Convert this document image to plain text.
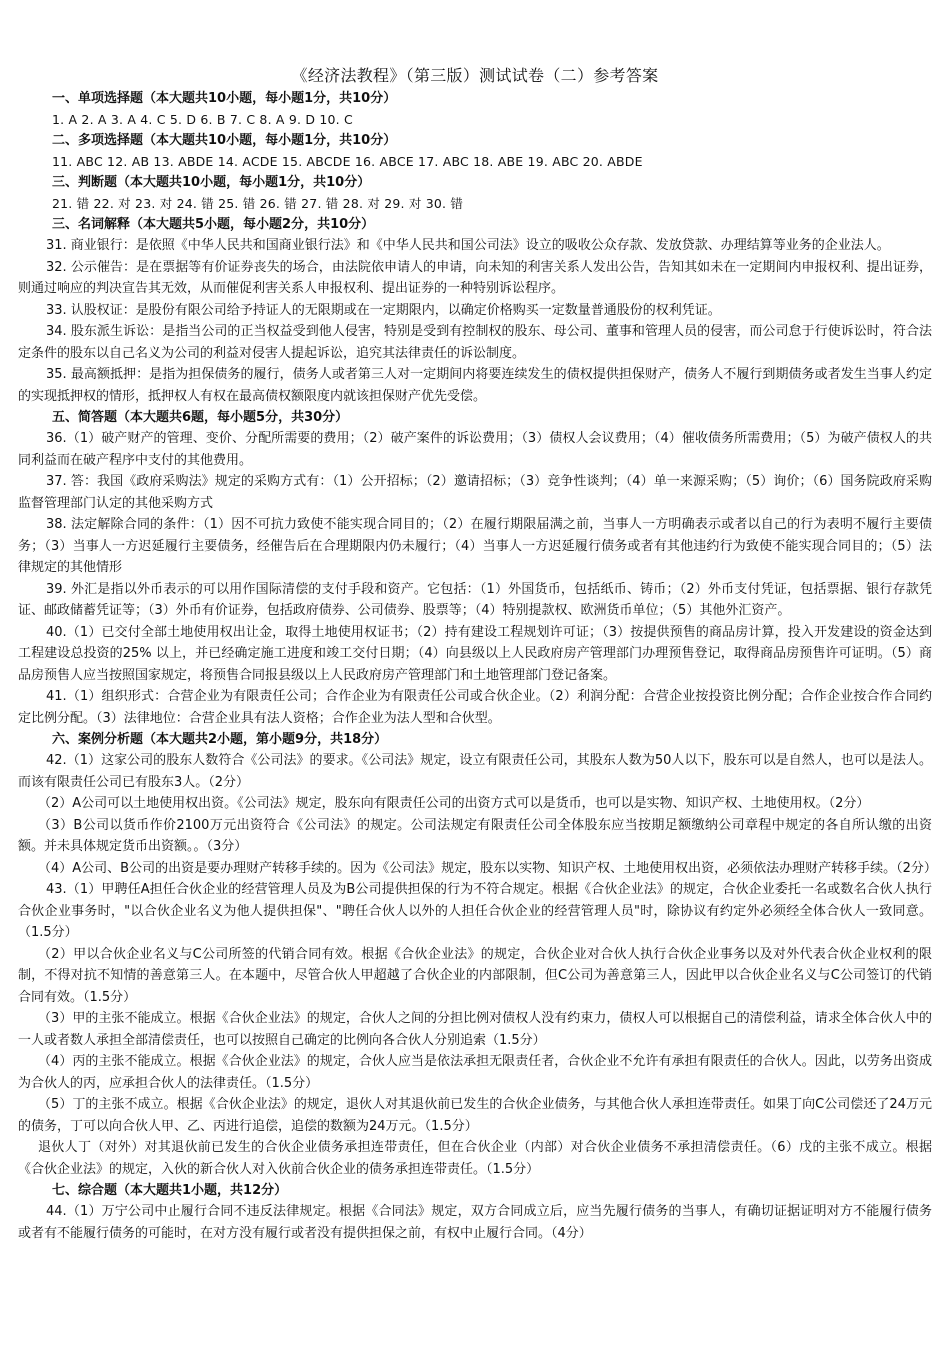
《经济法教程》（第三版）测试试卷（二）参考答案
一、单项选择题（本大题共10小题，每小题1分，共10分）
1. A 2. A 3. A 4. C 5. D 6. B 7. C 8. A 9. D 10. C
二、多项选择题（本大题共10小题，每小题1分，共10分）
11. ABC 12. AB 13. ABDE 14. ACDE 15. ABCDE 16. ABCE 17. ABC 18. ABE 19. ABC 20. ABDE
三、判断题（本大题共10小题，每小题1分，共10分）
21. 错 22. 对 23. 对 24. 错 25. 错 26. 错 27. 错 28. 对 29. 对 30. 错
三、名词解释（本大题共5小题，每小题2分，共10分）

31. 商业银行：是依照《中华人民共和国商业银行法》和《中华人民共和国公司法》设立的吸收公众存款、发放贷款、办理结算等业务的企业法人。

32. 公示催告：是在票据等有价证券丧失的场合，由法院依申请人的申请，向未知的利害关系人发出公告，告知其如未在一定期间内申报权利、提出证券，则通过响应的判决宣告其无效，从而催促利害关系人申报权利、提出证券的一种特别诉讼程序。

33. 认股权证：是股份有限公司给予持证人的无限期或在一定期限内，以确定价格购买一定数量普通股份的权利凭证。

34. 股东派生诉讼：是指当公司的正当权益受到他人侵害，特别是受到有控制权的股东、母公司、董事和管理人员的侵害，而公司怠于行使诉讼时，符合法定条件的股东以自己名义为公司的利益对侵害人提起诉讼，追究其法律责任的诉讼制度。

35. 最高额抵押：是指为担保债务的履行，债务人或者第三人对一定期间内将要连续发生的债权提供担保财产，债务人不履行到期债务或者发生当事人约定的实现抵押权的情形，抵押权人有权在最高债权额限度内就该担保财产优先受偿。

五、简答题（本大题共6题，每小题5分，共30分）

36.（1）破产财产的管理、变价、分配所需要的费用；（2）破产案件的诉讼费用；（3）债权人会议费用；（4）催收债务所需费用；（5）为破产债权人的共同利益而在破产程序中支付的其他费用。

37. 答：我国《政府采购法》规定的采购方式有：（1）公开招标；（2）邀请招标；（3）竞争性谈判；（4）单一来源采购；（5）询价；（6）国务院政府采购监督管理部门认定的其他采购方式

38. 法定解除合同的条件：（1）因不可抗力致使不能实现合同目的；（2）在履行期限届满之前，当事人一方明确表示或者以自己的行为表明不履行主要债务；（3）当事人一方迟延履行主要债务，经催告后在合理期限内仍未履行；（4）当事人一方迟延履行债务或者有其他违约行为致使不能实现合同目的；（5）法律规定的其他情形

39. 外汇是指以外币表示的可以用作国际清偿的支付手段和资产。它包括：（1）外国货币，包括纸币、铸币；（2）外币支付凭证，包括票据、银行存款凭证、邮政储蓄凭证等；（3）外币有价证券，包括政府债券、公司债券、股票等；（4）特别提款权、欧洲货币单位；（5）其他外汇资产。

40.（1）已交付全部土地使用权出让金，取得土地使用权证书；（2）持有建设工程规划许可证；（3）按提供预售的商品房计算，投入开发建设的资金达到工程建设总投资的25% 以上，并已经确定施工进度和竣工交付日期；（4）向县级以上人民政府房产管理部门办理预售登记，取得商品房预售许可证明。（5）商品房预售人应当按照国家规定，将预售合同报县级以上人民政府房产管理部门和土地管理部门登记备案。

41.（1）组织形式：合营企业为有限责任公司；合作企业为有限责任公司或合伙企业。（2）利润分配：合营企业按投资比例分配；合作企业按合作合同约定比例分配。（3）法律地位：合营企业具有法人资格；合作企业为法人型和合伙型。

六、案例分析题（本大题共2小题，第小题9分，共18分）

42.（1）这家公司的股东人数符合《公司法》的要求。《公司法》规定，设立有限责任公司，其股东人数为50人以下，股东可以是自然人，也可以是法人。而该有限责任公司已有股东3人。（2分）

（2）A公司可以土地使用权出资。《公司法》规定，股东向有限责任公司的出资方式可以是货币，也可以是实物、知识产权、土地使用权。（2分）

（3）B公司以货币作价2100万元出资符合《公司法》的规定。公司法规定有限责任公司全体股东应当按期足额缴纳公司章程中规定的各自所认缴的出资额。并未具体规定货币出资额。。（3分）

（4）A公司、B公司的出资是要办理财产转移手续的。因为《公司法》规定，股东以实物、知识产权、土地使用权出资，必须依法办理财产转移手续。（2分）

43.（1）甲聘任A担任合伙企业的经营管理人员及为B公司提供担保的行为不符合规定。根据《合伙企业法》的规定，合伙企业委托一名或数名合伙人执行合伙企业事务时，"以合伙企业名义为他人提供担保"、"聘任合伙人以外的人担任合伙企业的经营管理人员"时，除协议有约定外必须经全体合伙人一致同意。（1.5分）

（2）甲以合伙企业名义与C公司所签的代销合同有效。根据《合伙企业法》的规定，合伙企业对合伙人执行合伙企业事务以及对外代表合伙企业权利的限制，不得对抗不知情的善意第三人。在本题中，尽管合伙人甲超越了合伙企业的内部限制，但C公司为善意第三人，因此甲以合伙企业名义与C公司签订的代销合同有效。（1.5分）

（3）甲的主张不能成立。根据《合伙企业法》的规定，合伙人之间的分担比例对债权人没有约束力，债权人可以根据自己的清偿利益，请求全体合伙人中的一人或者数人承担全部清偿责任，也可以按照自己确定的比例向各合伙人分别追索（1.5分）

（4）丙的主张不能成立。根据《合伙企业法》的规定，合伙人应当是依法承担无限责任者，合伙企业不允许有承担有限责任的合伙人。因此，以劳务出资成为合伙人的丙，应承担合伙人的法律责任。（1.5分）

（5）丁的主张不成立。根据《合伙企业法》的规定，退伙人对其退伙前已发生的合伙企业债务，与其他合伙人承担连带责任。如果丁向C公司偿还了24万元的债务，丁可以向合伙人甲、乙、丙进行追偿，追偿的数额为24万元。（1.5分）

退伙人丁（对外）对其退伙前已发生的合伙企业债务承担连带责任，但在合伙企业（内部）对合伙企业债务不承担清偿责任。（6）戊的主张不成立。根据《合伙企业法》的规定，入伙的新合伙人对入伙前合伙企业的债务承担连带责任。（1.5分）

七、综合题（本大题共1小题，共12分）

44.（1）万宁公司中止履行合同不违反法律规定。根据《合同法》规定，双方合同成立后，应当先履行债务的当事人，有确切证据证明对方不能履行债务或者有不能履行债务的可能时，在对方没有履行或者没有提供担保之前，有权中止履行合同。（4分）
